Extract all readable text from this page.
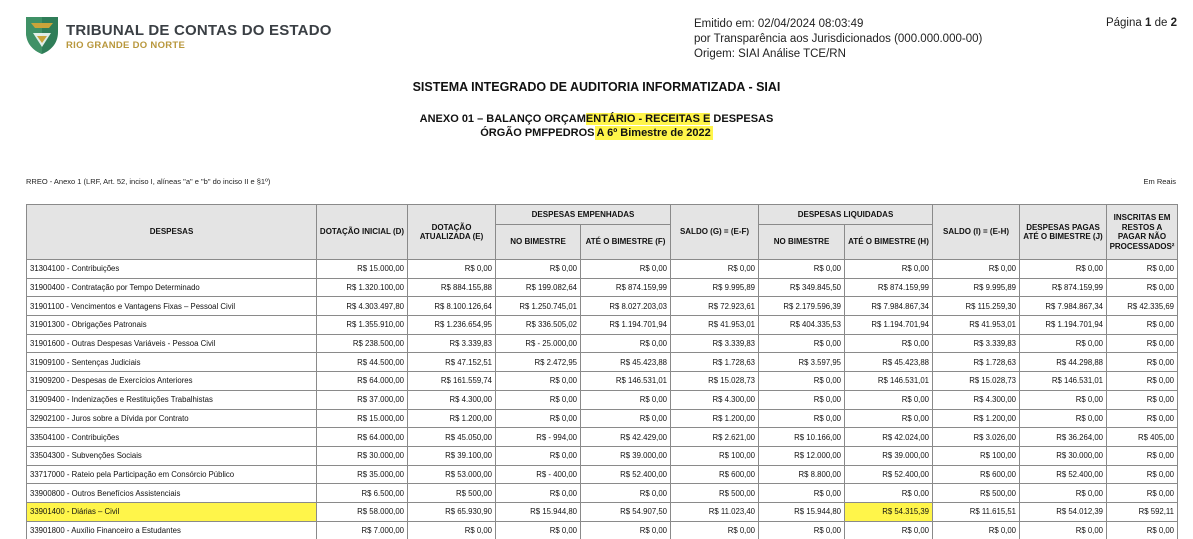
TRIBUNAL DE CONTAS DO ESTADO
RIO GRANDE DO NORTE
Emitido em: 02/04/2024 08:03:49
por Transparência aos Jurisdicionados (000.000.000-00)
Origem: SIAI Análise TCE/RN
Página 1 de 2
SISTEMA INTEGRADO DE AUDITORIA INFORMATIZADA - SIAI
ANEXO 01 – BALANÇO ORÇAMENTÁRIO - RECEITAS E DESPESAS
ÓRGÃO PMFPEDROS A 6º Bimestre de 2022
RREO - Anexo 1 (LRF, Art. 52, inciso I, alíneas "a" e "b" do inciso II e §1º)	Em Reais
DESPESAS	DOTAÇÃO INICIAL (D)	DOTAÇÃO ATUALIZADA (E)	DESPESAS EMPENHADAS		SALDO (G) = (E-F)	DESPESAS LIQUIDADAS		SALDO (I) = (E-H)	DESPESAS PAGAS ATÉ O BIMESTRE (J)	INSCRITAS EM RESTOS A PAGAR NÃO PROCESSADOS²
			NO BIMESTRE	ATÉ O BIMESTRE (F)		NO BIMESTRE	ATÉ O BIMESTRE (H)			
31304100 - Contribuições	R$ 15.000,00	R$ 0,00	R$ 0,00	R$ 0,00	R$ 0,00	R$ 0,00	R$ 0,00	R$ 0,00	R$ 0,00	R$ 0,00
31900400 - Contratação por Tempo Determinado	R$ 1.320.100,00	R$ 884.155,88	R$ 199.082,64	R$ 874.159,99	R$ 9.995,89	R$ 349.845,50	R$ 874.159,99	R$ 9.995,89	R$ 874.159,99	R$ 0,00
31901100 - Vencimentos e Vantagens Fixas – Pessoal Civil	R$ 4.303.497,80	R$ 8.100.126,64	R$ 1.250.745,01	R$ 8.027.203,03	R$ 72.923,61	R$ 2.179.596,39	R$ 7.984.867,34	R$ 115.259,30	R$ 7.984.867,34	R$ 42.335,69
31901300 - Obrigações Patronais	R$ 1.355.910,00	R$ 1.236.654,95	R$ 336.505,02	R$ 1.194.701,94	R$ 41.953,01	R$ 404.335,53	R$ 1.194.701,94	R$ 41.953,01	R$ 1.194.701,94	R$ 0,00
31901600 - Outras Despesas Variáveis - Pessoa Civil	R$ 238.500,00	R$ 3.339,83	R$ - 25.000,00	R$ 0,00	R$ 3.339,83	R$ 0,00	R$ 0,00	R$ 3.339,83	R$ 0,00	R$ 0,00
31909100 - Sentenças Judiciais	R$ 44.500,00	R$ 47.152,51	R$ 2.472,95	R$ 45.423,88	R$ 1.728,63	R$ 3.597,95	R$ 45.423,88	R$ 1.728,63	R$ 44.298,88	R$ 0,00
31909200 - Despesas de Exercícios Anteriores	R$ 64.000,00	R$ 161.559,74	R$ 0,00	R$ 146.531,01	R$ 15.028,73	R$ 0,00	R$ 146.531,01	R$ 15.028,73	R$ 146.531,01	R$ 0,00
31909400 - Indenizações e Restituições Trabalhistas	R$ 37.000,00	R$ 4.300,00	R$ 0,00	R$ 0,00	R$ 4.300,00	R$ 0,00	R$ 0,00	R$ 4.300,00	R$ 0,00	R$ 0,00
32902100 - Juros sobre a Dívida por Contrato	R$ 15.000,00	R$ 1.200,00	R$ 0,00	R$ 0,00	R$ 1.200,00	R$ 0,00	R$ 0,00	R$ 1.200,00	R$ 0,00	R$ 0,00
33504100 - Contribuições	R$ 64.000,00	R$ 45.050,00	R$ - 994,00	R$ 42.429,00	R$ 2.621,00	R$ 10.166,00	R$ 42.024,00	R$ 3.026,00	R$ 36.264,00	R$ 405,00
33504300 - Subvenções Sociais	R$ 30.000,00	R$ 39.100,00	R$ 0,00	R$ 39.000,00	R$ 100,00	R$ 12.000,00	R$ 39.000,00	R$ 100,00	R$ 30.000,00	R$ 0,00
33717000 - Rateio pela Participação em Consórcio Público	R$ 35.000,00	R$ 53.000,00	R$ - 400,00	R$ 52.400,00	R$ 600,00	R$ 8.800,00	R$ 52.400,00	R$ 600,00	R$ 52.400,00	R$ 0,00
33900800 - Outros Benefícios Assistenciais	R$ 6.500,00	R$ 500,00	R$ 0,00	R$ 0,00	R$ 500,00	R$ 0,00	R$ 0,00	R$ 500,00	R$ 0,00	R$ 0,00
33901400 - Diárias – Civil	R$ 58.000,00	R$ 65.930,90	R$ 15.944,80	R$ 54.907,50	R$ 11.023,40	R$ 15.944,80	R$ 54.315,39	R$ 11.615,51	R$ 54.012,39	R$ 592,11
33901800 - Auxílio Financeiro a Estudantes	R$ 7.000,00	R$ 0,00	R$ 0,00	R$ 0,00	R$ 0,00	R$ 0,00	R$ 0,00	R$ 0,00	R$ 0,00	R$ 0,00
